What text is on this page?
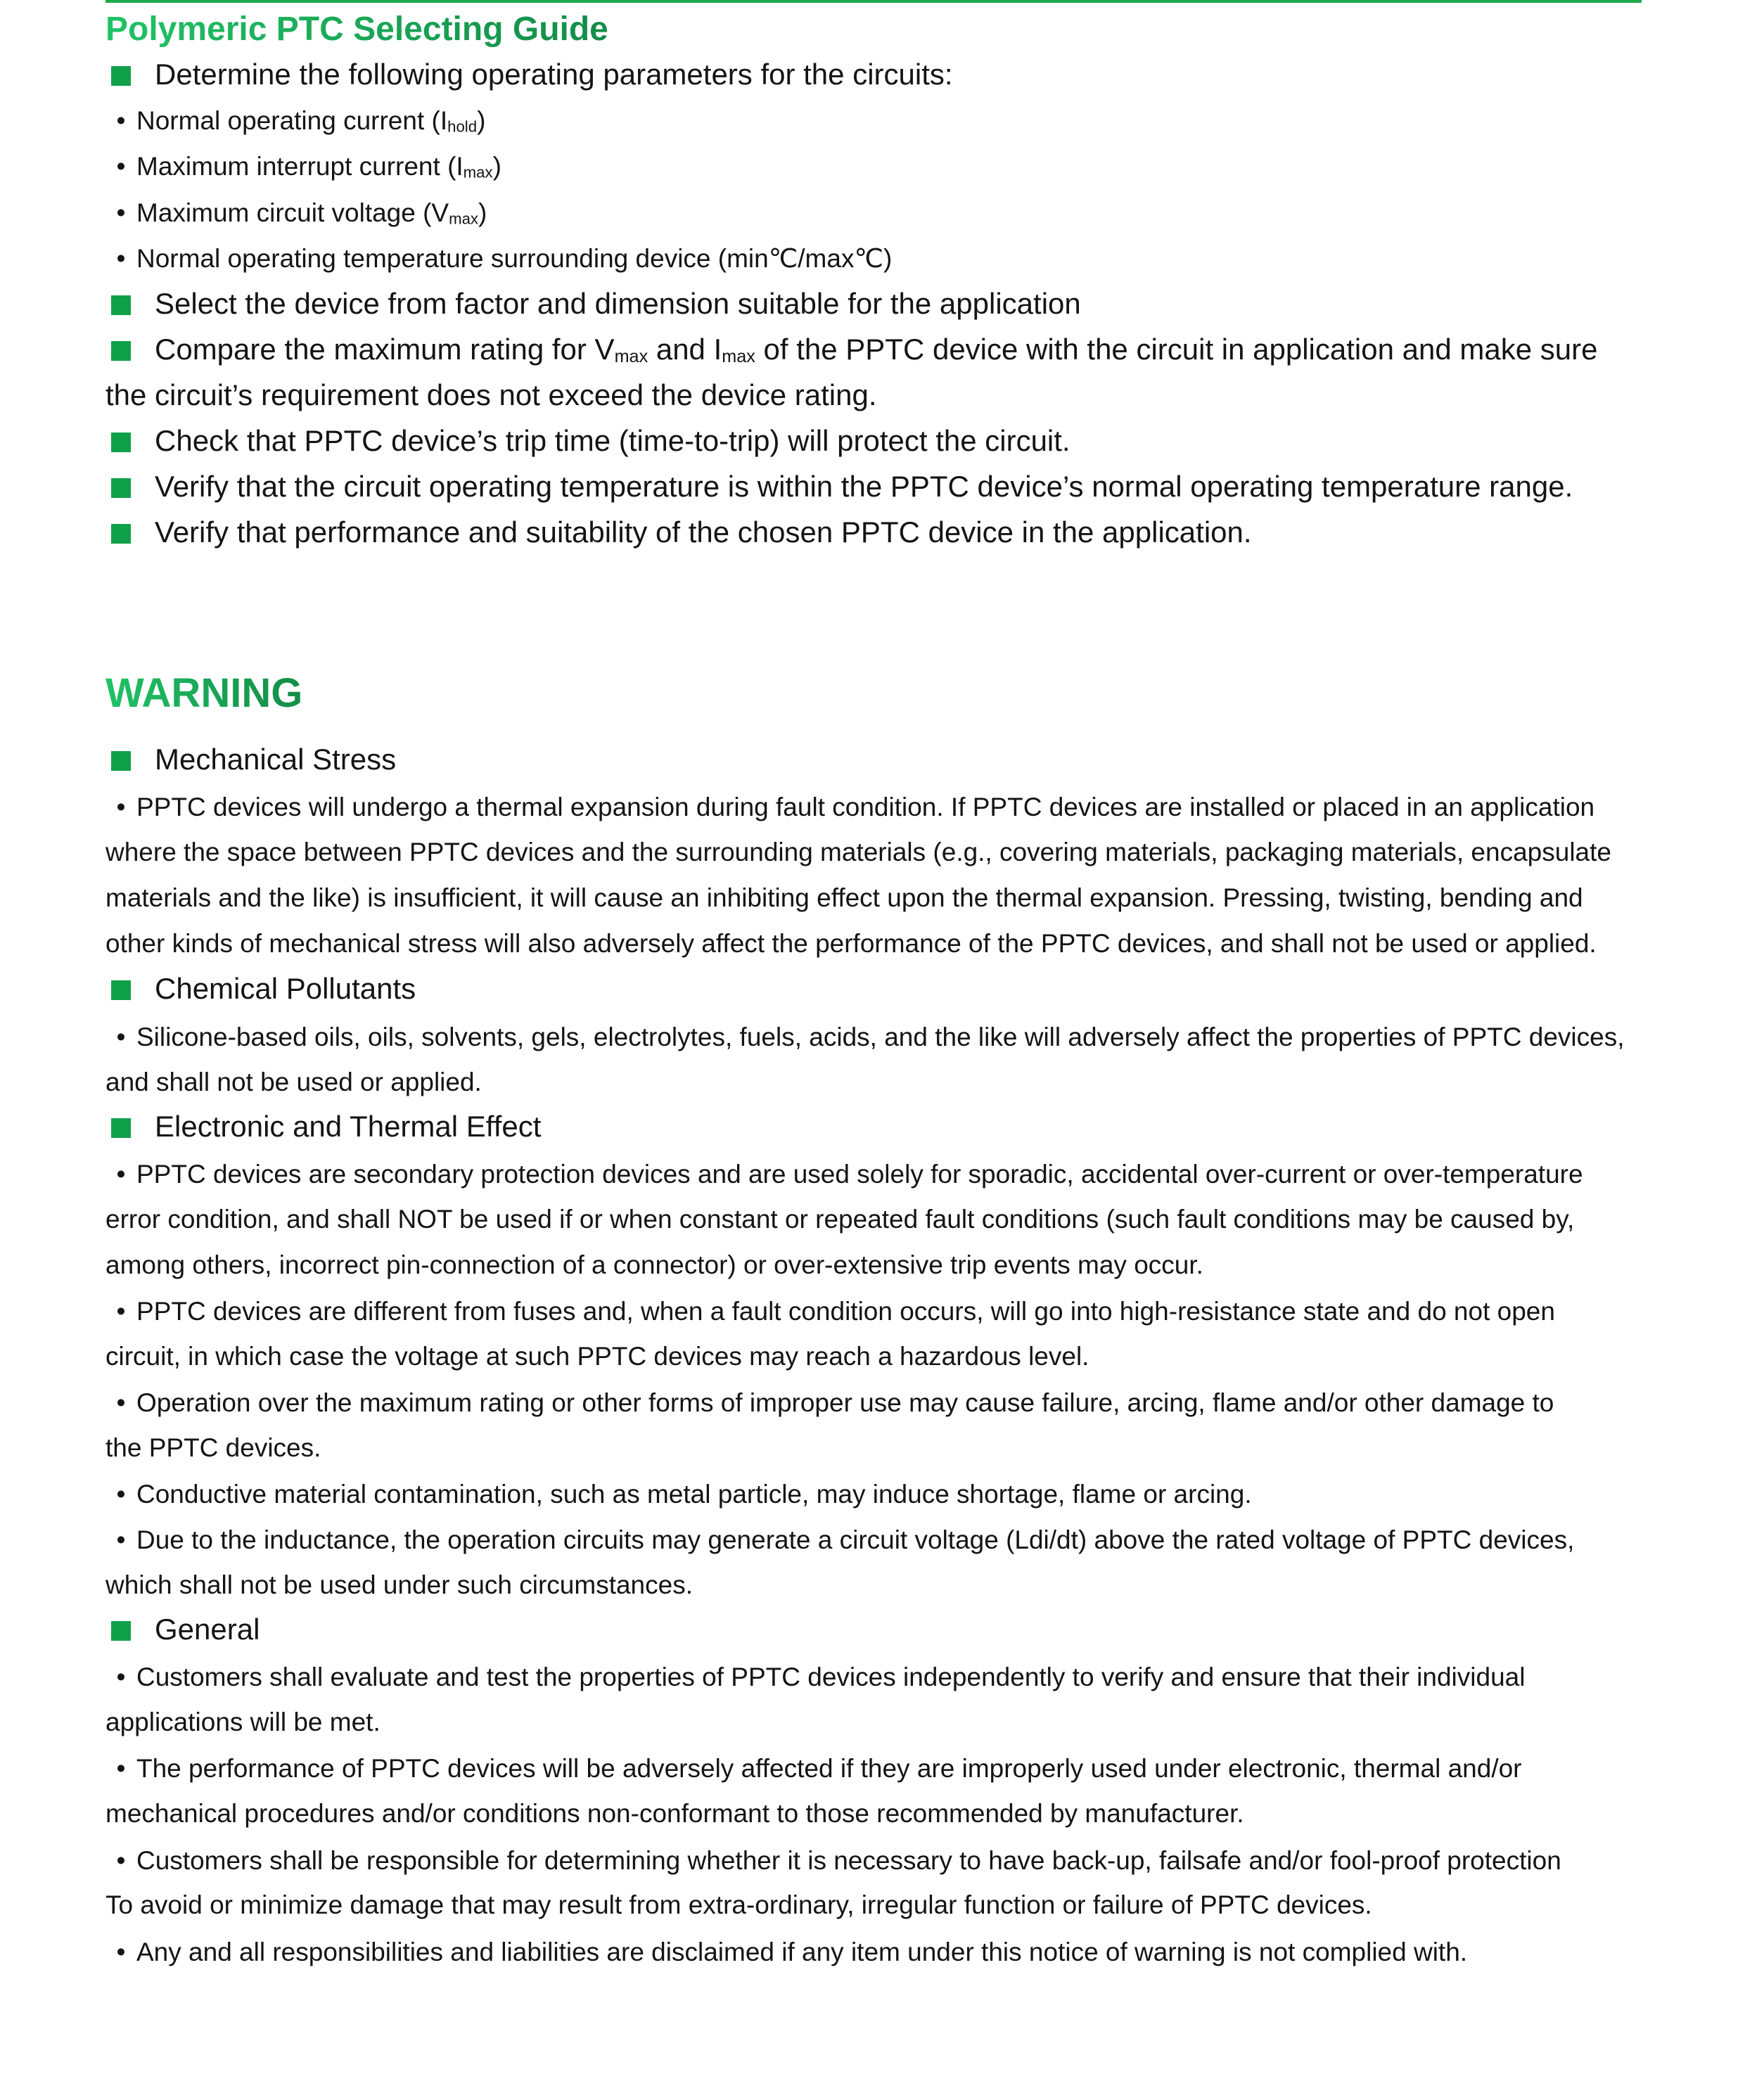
Polymeric PTC Selecting Guide

Determine the following operating parameters for the circuits:

• Normal operating current $(I_{hold})$

• Maximum interrupt current $(I_{max})$

• Maximum circuit voltage $(V_{max})$

• Normal operating temperature surrounding device (min℃/max℃)

Select the device from factor and dimension suitable for the application

Compare the maximum rating for $V_{max}$ and $I_{max}$ of the PPTC device with the circuit in application and make sure

the circuit’s requirement does not exceed the device rating.

Check that PPTC device’s trip time (time-to-trip) will protect the circuit.

Verify that the circuit operating temperature is within the PPTC device’s normal operating temperature range.

Verify that performance and suitability of the chosen PPTC device in the application.

WARNING

Mechanical Stress

• PPTC devices will undergo a thermal expansion during fault condition. If PPTC devices are installed or placed in an application

where the space between PPTC devices and the surrounding materials (e.g., covering materials, packaging materials, encapsulate

materials and the like) is insufficient, it will cause an inhibiting effect upon the thermal expansion. Pressing, twisting, bending and

other kinds of mechanical stress will also adversely affect the performance of the PPTC devices, and shall not be used or applied.

Chemical Pollutants

• Silicone-based oils, oils, solvents, gels, electrolytes, fuels, acids, and the like will adversely affect the properties of PPTC devices,

and shall not be used or applied.

Electronic and Thermal Effect

• PPTC devices are secondary protection devices and are used solely for sporadic, accidental over-current or over-temperature

error condition, and shall NOT be used if or when constant or repeated fault conditions (such fault conditions may be caused by,

among others, incorrect pin-connection of a connector) or over-extensive trip events may occur.

• PPTC devices are different from fuses and, when a fault condition occurs, will go into high-resistance state and do not open

circuit, in which case the voltage at such PPTC devices may reach a hazardous level.

• Operation over the maximum rating or other forms of improper use may cause failure, arcing, flame and/or other damage to

the PPTC devices.

• Conductive material contamination, such as metal particle, may induce shortage, flame or arcing.

• Due to the inductance, the operation circuits may generate a circuit voltage (Ldi/dt) above the rated voltage of PPTC devices,

which shall not be used under such circumstances.

General

• Customers shall evaluate and test the properties of PPTC devices independently to verify and ensure that their individual

applications will be met.

• The performance of PPTC devices will be adversely affected if they are improperly used under electronic, thermal and/or

mechanical procedures and/or conditions non-conformant to those recommended by manufacturer.

• Customers shall be responsible for determining whether it is necessary to have back-up, failsafe and/or fool-proof protection

To avoid or minimize damage that may result from extra-ordinary, irregular function or failure of PPTC devices.

• Any and all responsibilities and liabilities are disclaimed if any item under this notice of warning is not complied with.
